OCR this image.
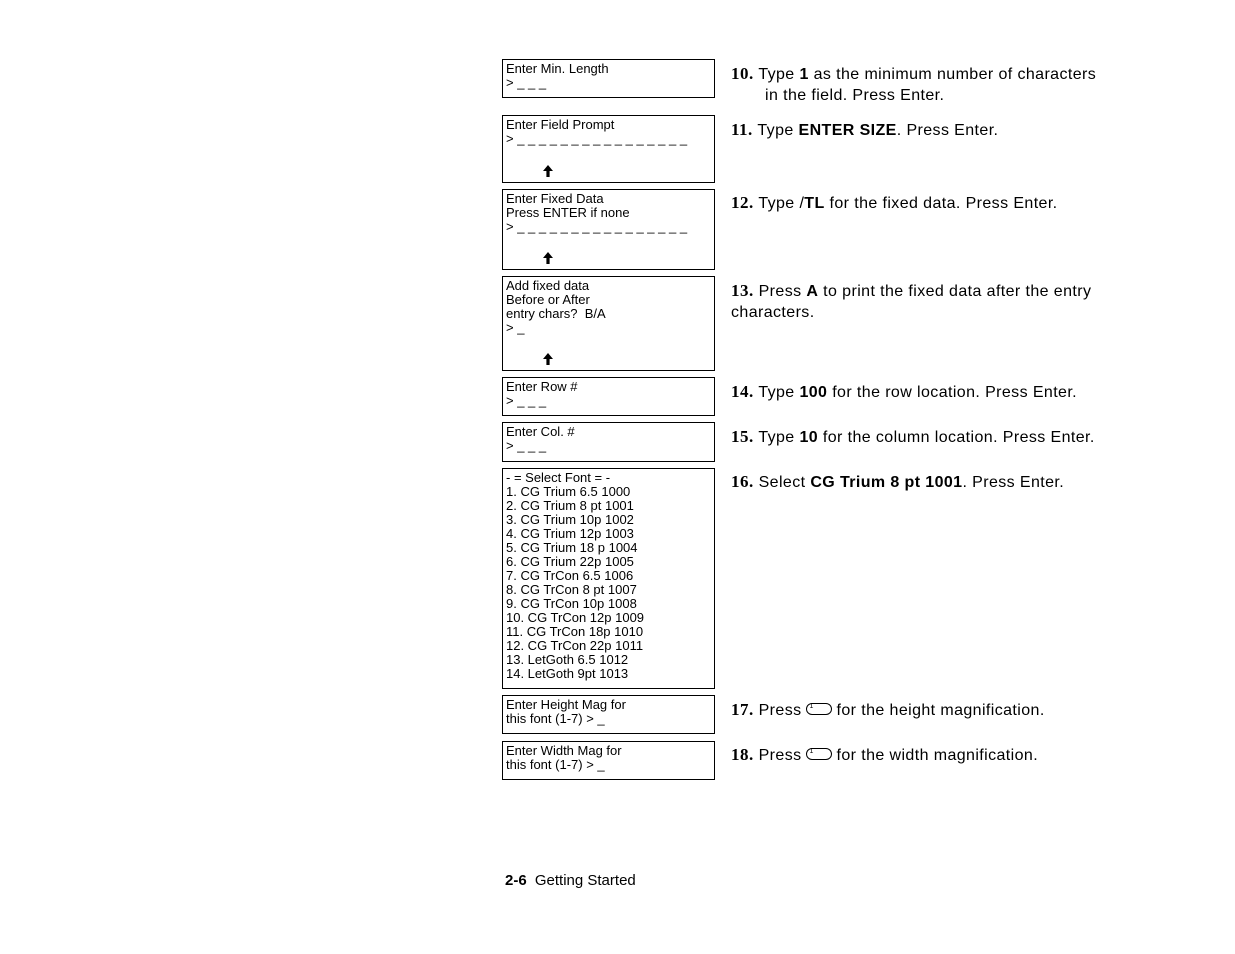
Enter Min. Length
> _ _ _
Enter Field Prompt
> _ _ _ _ _ _ _ _ _ _ _ _ _ _ _ _
Enter Fixed Data
Press ENTER if none
> _ _ _ _ _ _ _ _ _ _ _ _ _ _ _ _
Add fixed data
Before or After
entry chars?  B/A
> _
Enter Row #
> _ _ _
Enter Col. #
> _ _ _
- = Select Font = -
1. CG Trium 6.5 1000
2. CG Trium 8 pt 1001
3. CG Trium 10p 1002
4. CG Trium 12p 1003
5. CG Trium 18 p 1004
6. CG Trium 22p 1005
7. CG TrCon 6.5 1006
8. CG TrCon 8 pt 1007
9. CG TrCon 10p 1008
10. CG TrCon 12p 1009
11. CG TrCon 18p 1010
12. CG TrCon 22p 1011
13. LetGoth 6.5 1012
14. LetGoth 9pt 1013
Enter Height Mag for
this font (1-7) > _
Enter Width Mag for
this font (1-7) > _
10. Type 1 as the minimum number of characters
in the field. Press Enter.
11. Type ENTER SIZE. Press Enter.
12. Type /TL for the fixed data. Press Enter.
13. Press A to print the fixed data after the entry
characters.
14. Type 100 for the row location. Press Enter.
15. Type 10 for the column location. Press Enter.
16. Select CG Trium 8 pt 1001. Press Enter.
17. Press 1 for the height magnification.
18. Press 1 for the width magnification.
2-6 Getting Started
